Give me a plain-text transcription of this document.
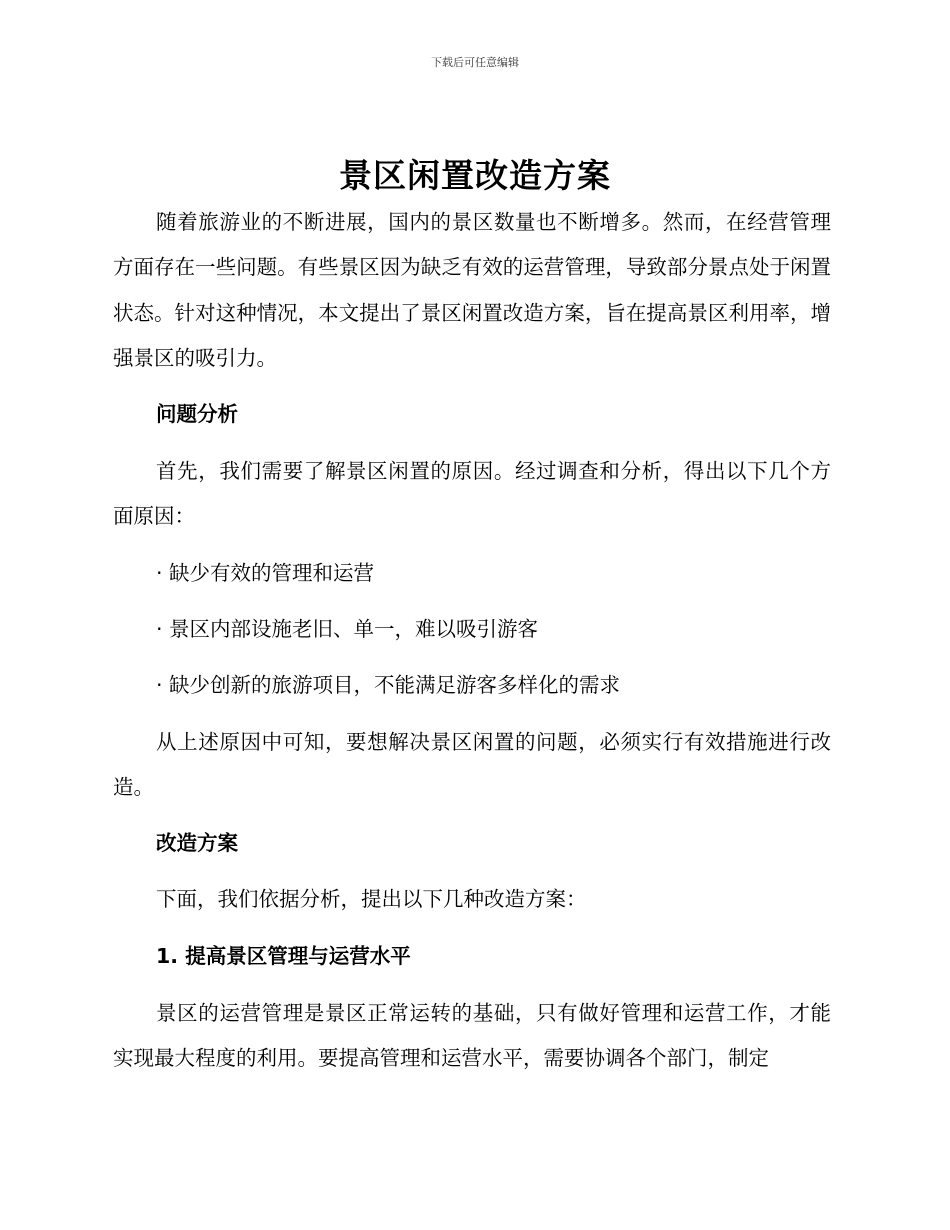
下载后可任意编辑
景区闲置改造方案

随着旅游业的不断进展，国内的景区数量也不断增多。然而，在经营管理方面存在一些问题。有些景区因为缺乏有效的运营管理，导致部分景点处于闲置状态。针对这种情况，本文提出了景区闲置改造方案，旨在提高景区利用率，增强景区的吸引力。

问题分析

首先，我们需要了解景区闲置的原因。经过调查和分析，得出以下几个方面原因：

· 缺少有效的管理和运营
· 景区内部设施老旧、单一，难以吸引游客
· 缺少创新的旅游项目，不能满足游客多样化的需求

从上述原因中可知，要想解决景区闲置的问题，必须实行有效措施进行改造。

改造方案

下面，我们依据分析，提出以下几种改造方案：

1. 提高景区管理与运营水平

景区的运营管理是景区正常运转的基础，只有做好管理和运营工作，才能实现最大程度的利用。要提高管理和运营水平，需要协调各个部门，制定
